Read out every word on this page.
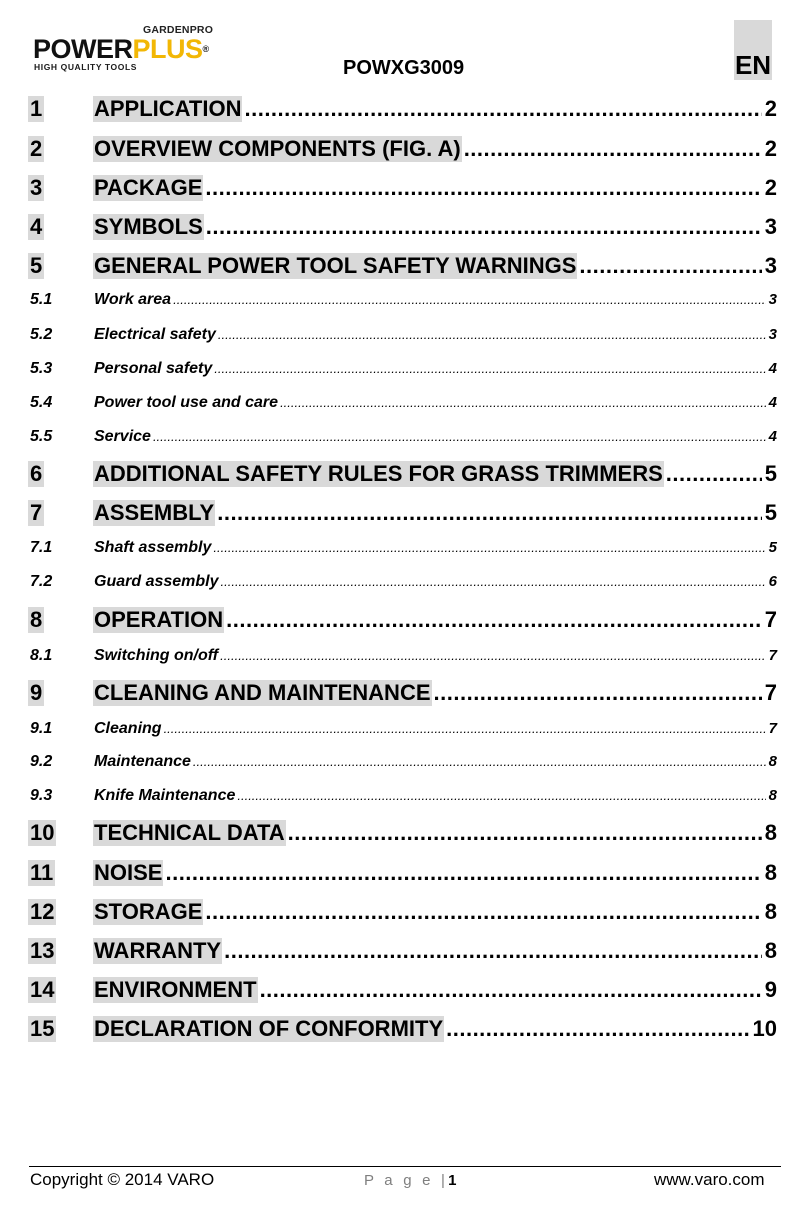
GARDENPRO
POWERPLUS®
HIGH QUALITY TOOLS	POWXG3009	EN
1 APPLICATION .....	2
2 OVERVIEW COMPONENTS (FIG. A) .....	2
3 PACKAGE .....	2
4 SYMBOLS .....	3
5 GENERAL POWER TOOL SAFETY WARNINGS .....	3
5.1	Work area .....	3
5.2	Electrical safety .....	3
5.3	Personal safety .....	4
5.4	Power tool use and care .....	4
5.5	Service .....	4
6 ADDITIONAL SAFETY RULES FOR GRASS TRIMMERS .....	5
7 ASSEMBLY .....	5
7.1	Shaft assembly .....	5
7.2	Guard assembly .....	6
8 OPERATION .....	7
8.1	Switching on/off .....	7
9 CLEANING AND MAINTENANCE .....	7
9.1	Cleaning .....	7
9.2	Maintenance .....	8
9.3	Knife Maintenance .....	8
10 TECHNICAL DATA .....	8
11 NOISE .....	8
12 STORAGE .....	8
13 WARRANTY .....	8
14 ENVIRONMENT .....	9
15 DECLARATION OF CONFORMITY .....	10
Copyright © 2014 VARO	P a g e |1	www.varo.com
